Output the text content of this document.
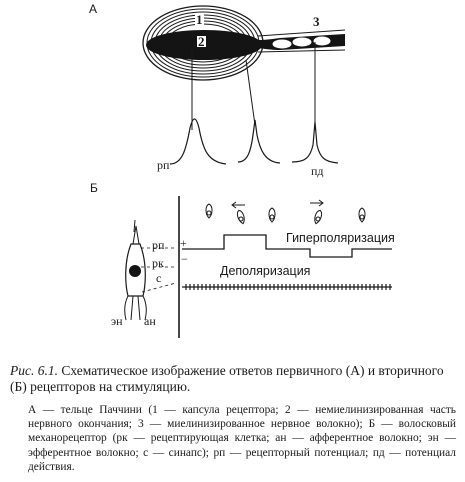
А
1
2
3
рп	пд
Б
рп
рк
с
+
−
эн ан
Гиперполяризация
Деполяризация
Рис. 6.1. Схематическое изображение ответов первичного (А) и вторичного (Б) рецепторов на стимуляцию.
А — тельце Паччини (1 — капсула рецептора; 2 — немиелинизированная часть нервного окончания; 3 — миелинизированное нервное волокно); Б — волосковый механорецептор (рк — рецептирующая клетка; ан — афферентное волокно; эн — эфферентное волокно; с — синапс); рп — рецепторный потенциал; пд — потенциал действия.
